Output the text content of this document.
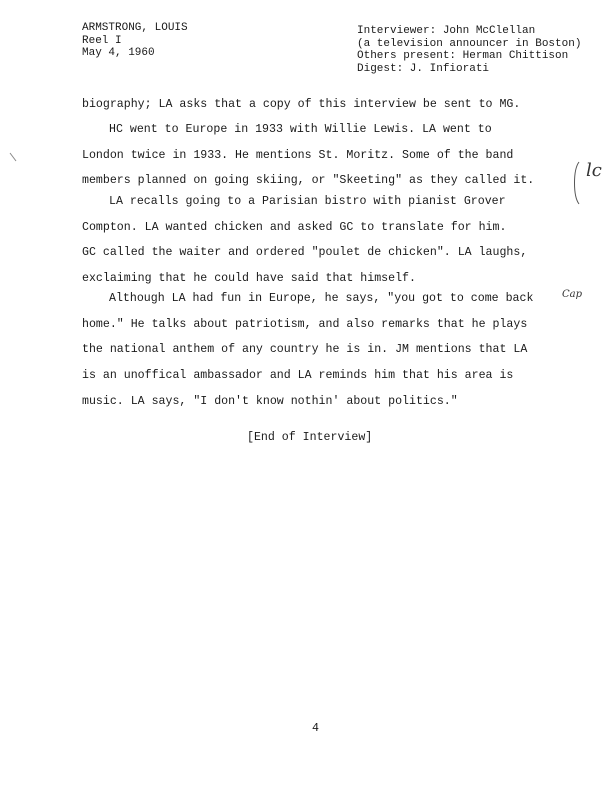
ARMSTRONG, LOUIS
Reel I
May 4, 1960
Interviewer: John McClellan
(a television announcer in Boston)
Others present: Herman Chittison
Digest: J. Infiorati
biography; LA asks that a copy of this interview be sent to MG.
HC went to Europe in 1933 with Willie Lewis. LA went to
London twice in 1933. He mentions St. Moritz. Some of the band
members planned on going skiing, or "Skeeting" as they called it.
LA recalls going to a Parisian bistro with pianist Grover
Compton. LA wanted chicken and asked GC to translate for him.
GC called the waiter and ordered "poulet de chicken". LA laughs,
exclaiming that he could have said that himself.
Although LA had fun in Europe, he says, "you got to come back
home." He talks about patriotism, and also remarks that he plays
the national anthem of any country he is in. JM mentions that LA
is an unoffical ambassador and LA reminds him that his area is
music. LA says, "I don't know nothin' about politics."
[End of Interview]
4
lc
Cap
